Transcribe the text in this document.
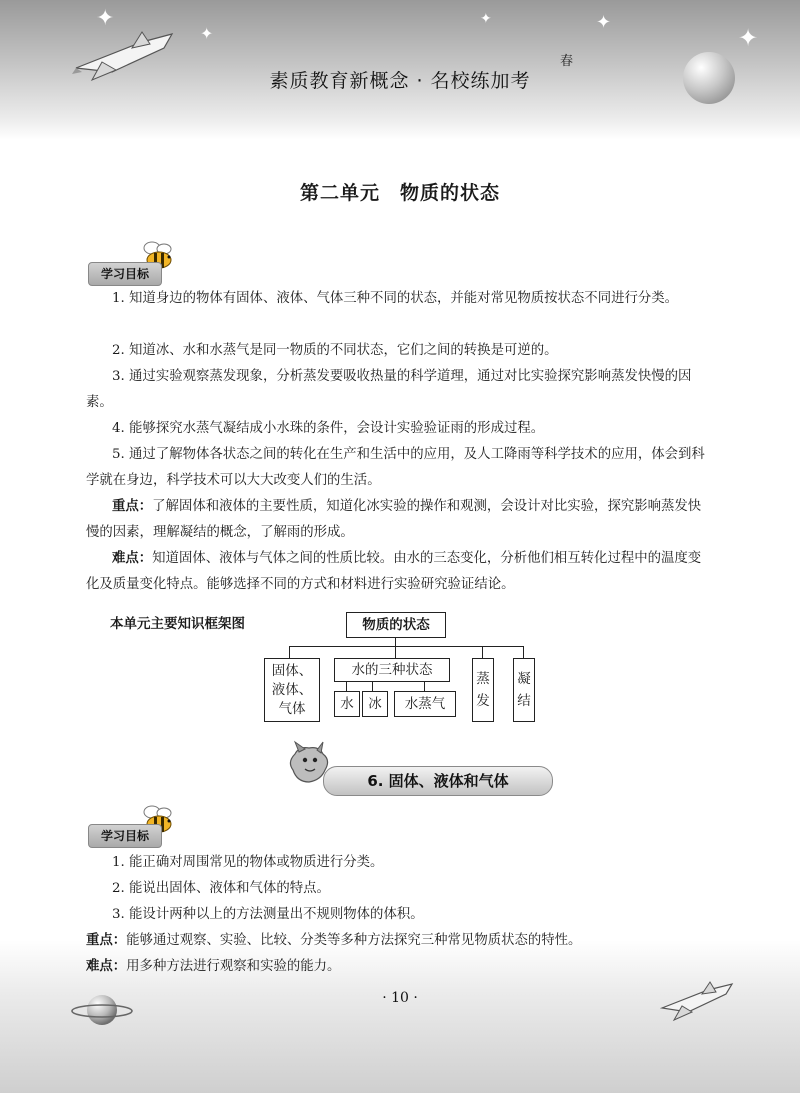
✦
✦
✦	✦
✦
素质教育新概念 · 名校练加考
春
第二单元　物质的状态
学习目标

1. 知道身边的物体有固体、液体、气体三种不同的状态，并能对常见物质按状态不同进行分类。

2. 知道冰、水和水蒸气是同一物质的不同状态，它们之间的转换是可逆的。

3. 通过实验观察蒸发现象，分析蒸发要吸收热量的科学道理，通过对比实验探究影响蒸发快慢的因素。

4. 能够探究水蒸气凝结成小水珠的条件，会设计实验验证雨的形成过程。

5. 通过了解物体各状态之间的转化在生产和生活中的应用，及人工降雨等科学技术的应用，体会到科学就在身边，科学技术可以大大改变人们的生活。

重点：了解固体和液体的主要性质，知道化冰实验的操作和观测，会设计对比实验，探究影响蒸发快慢的因素，理解凝结的概念，了解雨的形成。

难点：知道固体、液体与气体之间的性质比较。由水的三态变化，分析他们相互转化过程中的温度变化及质量变化特点。能够选择不同的方式和材料进行实验研究验证结论。

本单元主要知识框架图	物质的状态
固体、液体、气体
水的三种状态
蒸发
凝结
水	冰	水蒸气
6. 固体、液体和气体
学习目标

1. 能正确对周围常见的物体或物质进行分类。

2. 能说出固体、液体和气体的特点。

3. 能设计两种以上的方法测量出不规则物体的体积。

重点：能够通过观察、实验、比较、分类等多种方法探究三种常见物质状态的特性。

难点：用多种方法进行观察和实验的能力。

· 10 ·
